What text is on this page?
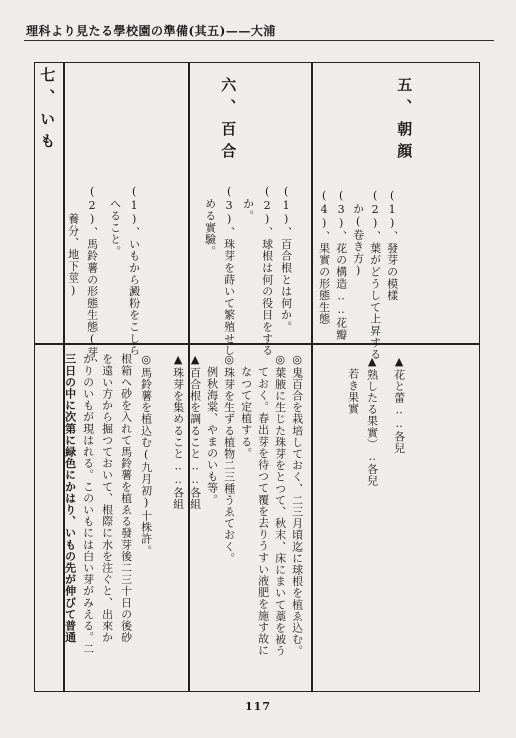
理科より見たる學校園の準備(其五)——大浦
五、朝顔
(1)、發芽の模樣
(2)、葉がどうして上昇する
か(卷き方)
(3)、花の構造‥‥花瓣
(4)、果實の形態生態
▲花と蕾‥‥各兒
▲熟したる果實）‥各兒
若き果實
六、百合
(1)、百合根とは何か。
(2)、球根は何の役目をする
か。
(3)、珠芽を蒔いて繁殖せし
める實驗。
◎鬼百合を栽培しておく、二三月頃迄に球根を植ゑ込む。
◎葉腋に生じた珠芽をとつて、秋末、床にまいて藁を被う
ておく。春出芽を待つて覆を去りうすい液肥を施す故に
なつて定植する。
◎珠芽を生ずる植物二三種うゑておく。
例秋海棠、やまのいも等。
▲百合根を調ること‥‥各組
▲珠芽を集めること‥‥各組
七、いも
(1)、いもから澱粉をこしら
へること。
(2)、馬鈴薯の形態生態(芽、
養分、地下莖)
◎馬鈴薯を植込む(九月初)十株許。
根箱へ砂を入れて馬鈴薯を植ゑる發芽後二三十日の後砂
を遠い方から掘つておいて、根際に水を注ぐと、出來か
かりのいもが現はれる。このいもには白い芽がみえる。二
三日の中に次第に緑色にかはり、いもの先が伸びて普通
117
